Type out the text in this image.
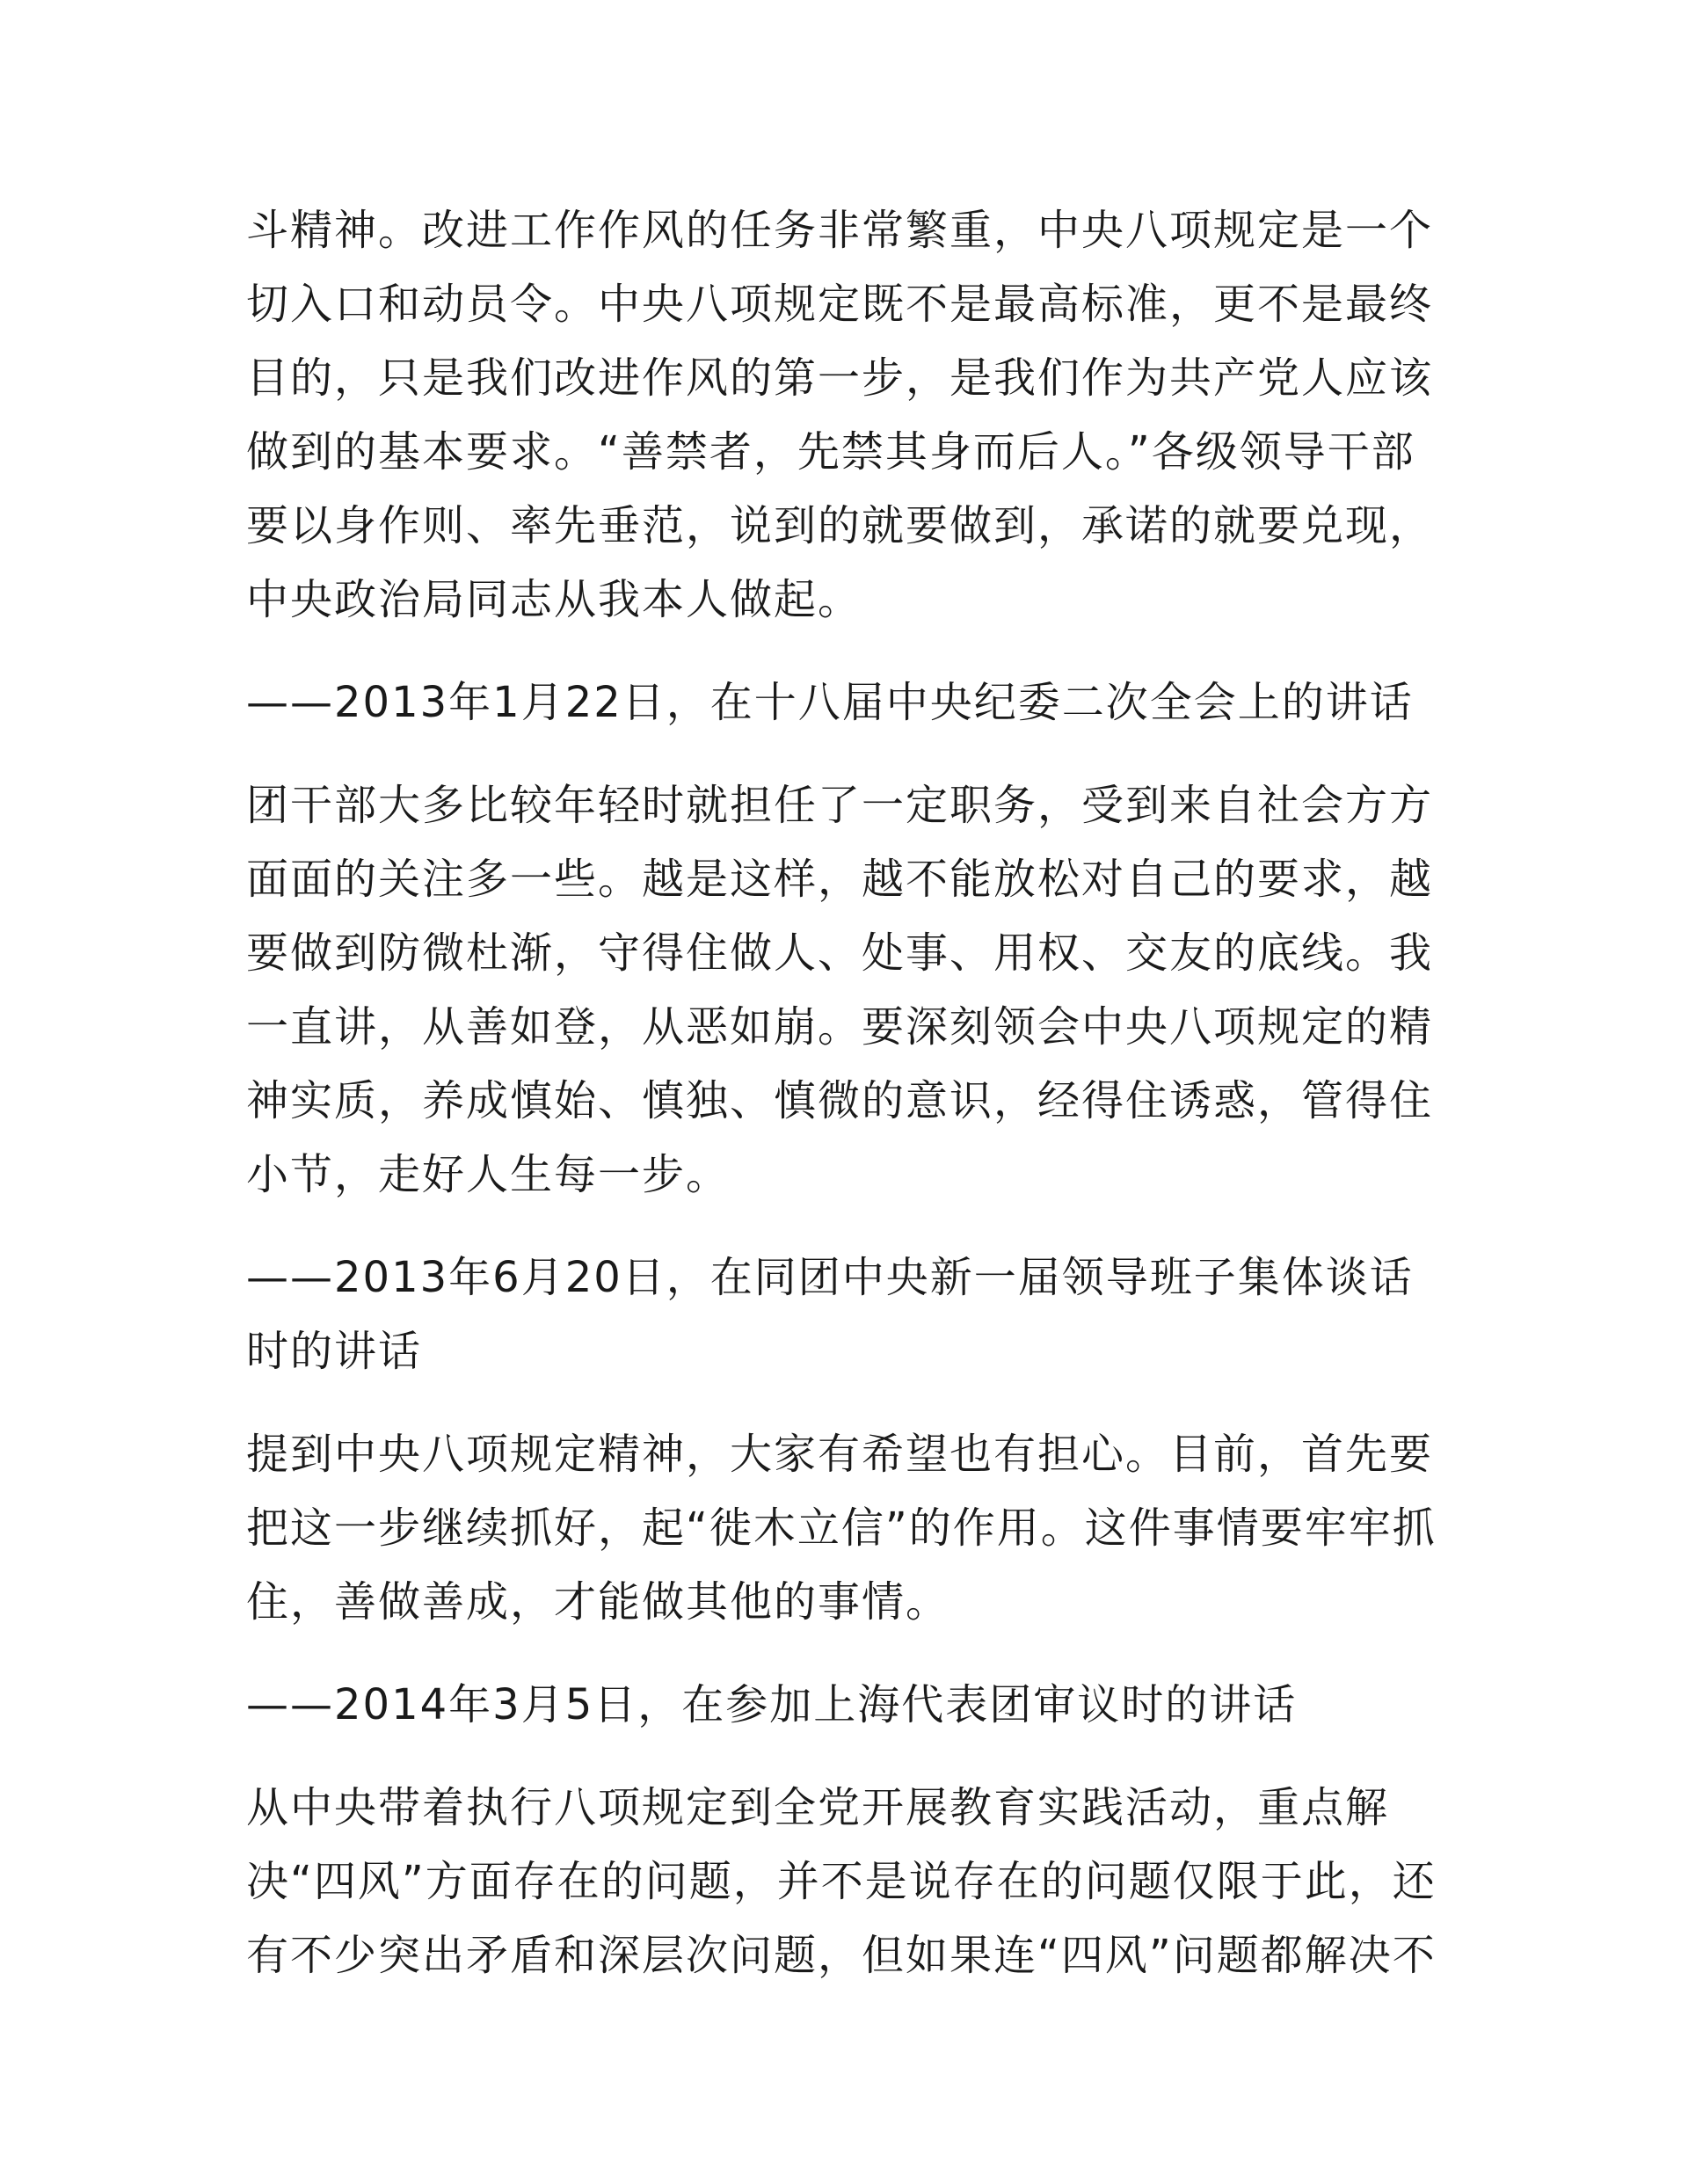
斗精神。改进工作作风的任务非常繁重，中央八项规定是一个切入口和动员令。中央八项规定既不是最高标准，更不是最终目的，只是我们改进作风的第一步，是我们作为共产党人应该做到的基本要求。“善禁者，先禁其身而后人。”各级领导干部要以身作则、率先垂范，说到的就要做到，承诺的就要兑现，中央政治局同志从我本人做起。

——2013年1月22日，在十八届中央纪委二次全会上的讲话

团干部大多比较年轻时就担任了一定职务，受到来自社会方方面面的关注多一些。越是这样，越不能放松对自己的要求，越要做到防微杜渐，守得住做人、处事、用权、交友的底线。我一直讲，从善如登，从恶如崩。要深刻领会中央八项规定的精神实质，养成慎始、慎独、慎微的意识，经得住诱惑，管得住小节，走好人生每一步。

——2013年6月20日，在同团中央新一届领导班子集体谈话时的讲话

提到中央八项规定精神，大家有希望也有担心。目前，首先要把这一步继续抓好，起“徙木立信”的作用。这件事情要牢牢抓住，善做善成，才能做其他的事情。

——2014年3月5日，在参加上海代表团审议时的讲话

从中央带着执行八项规定到全党开展教育实践活动，重点解决“四风”方面存在的问题，并不是说存在的问题仅限于此，还有不少突出矛盾和深层次问题，但如果连“四风”问题都解决不
